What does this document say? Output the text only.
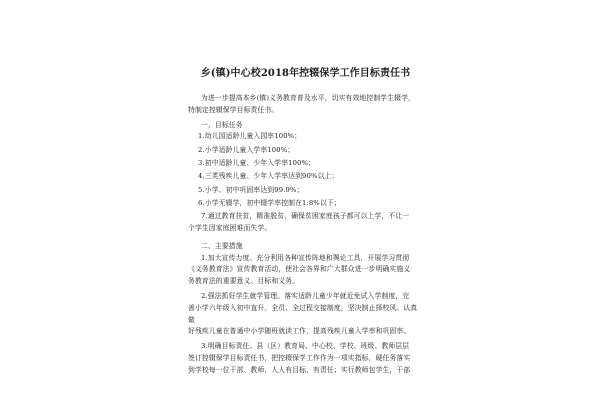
乡(镇)中心校2018年控辍保学工作目标责任书

为进一步提高本乡(镇)义务教育普及水平，切实有效地控制学生辍学，

特制定控辍保学目标责任书。

一、目标任务

1.幼儿园适龄儿童入园率100%；

2.小学适龄儿童入学率100%；

3.初中适龄儿童、少年入学率100%；

4.三类残疾儿童、少年入学率达到90%以上；

5.小学、初中巩固率达到99.9%；

6.小学无辍学，初中辍学率控制在1.8%以下；

7.通过教育扶贫，精准脱贫，确保贫困家庭孩子都可以上学，不让一

个学生因家庭困难而失学。

二、主要措施

1.加大宣传力度。充分利用各种宣传阵地和舆论工具，开展学习贯彻

《义务教育法》宣传教育活动，使社会各界和广大群众进一步明确实施义

务教育法的重要意义、目标和义务。

2.强法抓好学生就学管理。落实适龄儿童少年就近免试入学制度，完

善小学六年级入初中直升、全员、全过程交接制度，坚决制止择校风。认真做

好残疾儿童在普通中小学随班就读工作，提高残疾儿童入学率和巩固率。

3.明确目标责任。县（区）教育局、中心校、学校、班级、教师层层

签订控辍保学目标责任书，把控辍保学工作作为一项实指标，硬任务落实

到学校每一位干部、教师，人人有目标，有责任；实行教师包学生，干部
